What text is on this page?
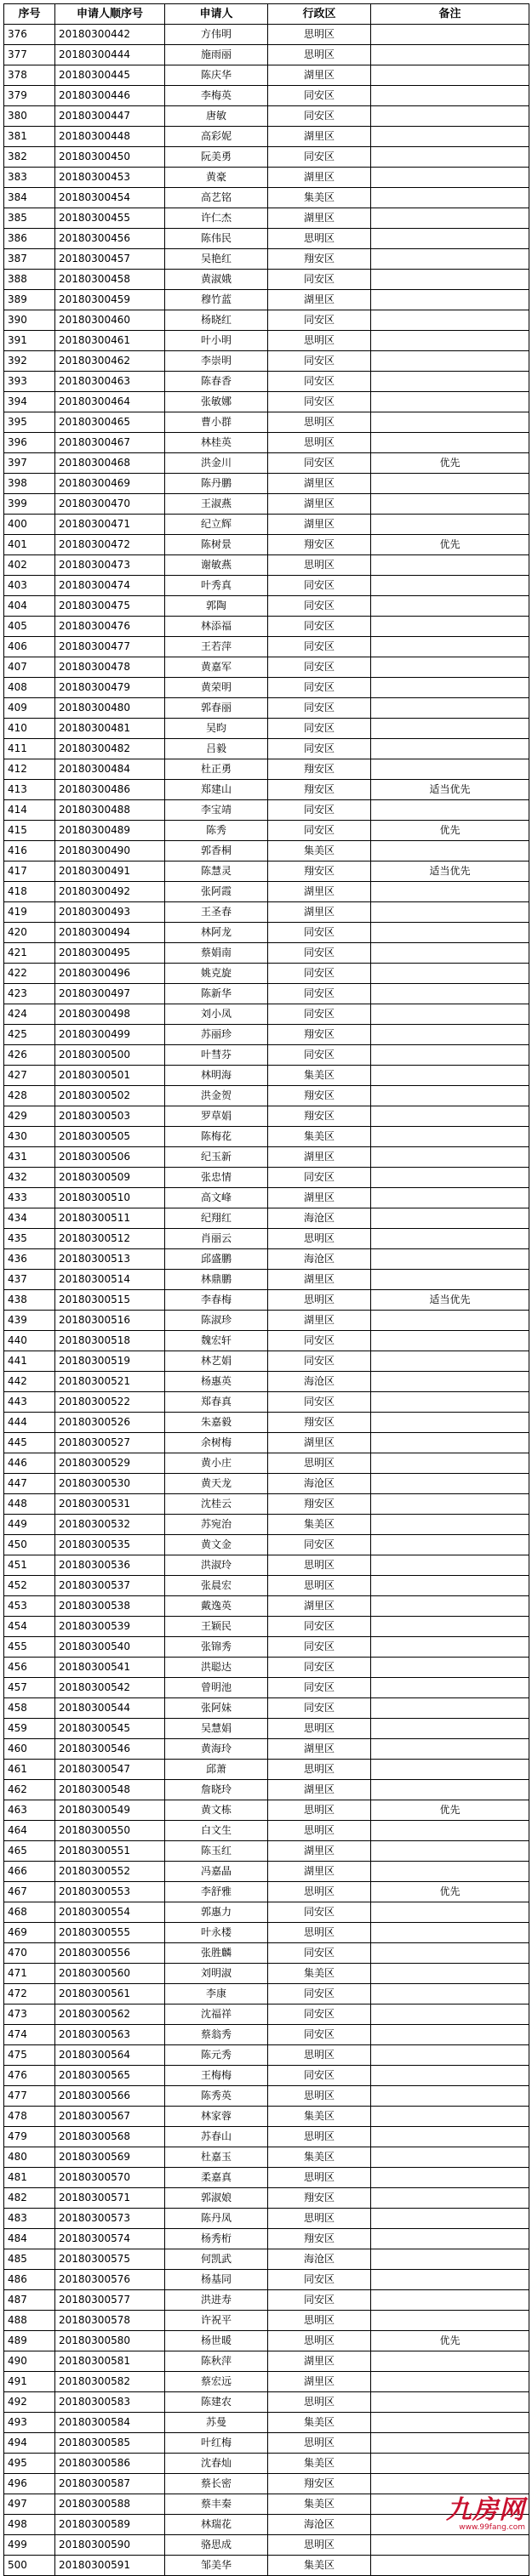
序号	申请人顺序号	申请人	行政区	备注
376	20180300442	方伟明	思明区	
377	20180300444	施雨丽	思明区	
378	20180300445	陈庆华	湖里区	
379	20180300446	李梅英	同安区	
380	20180300447	唐敏	同安区	
381	20180300448	高彩妮	湖里区	
382	20180300450	阮美勇	同安区	
383	20180300453	黄豪	湖里区	
384	20180300454	高艺铭	集美区	
385	20180300455	许仁杰	湖里区	
386	20180300456	陈伟民	思明区	
387	20180300457	吴艳红	翔安区	
388	20180300458	黄淑娥	同安区	
389	20180300459	穆竹蓝	湖里区	
390	20180300460	杨晓红	同安区	
391	20180300461	叶小明	思明区	
392	20180300462	李崇明	同安区	
393	20180300463	陈春香	同安区	
394	20180300464	张敏娜	同安区	
395	20180300465	曹小群	思明区	
396	20180300467	林桂英	思明区	
397	20180300468	洪金川	同安区	优先
398	20180300469	陈丹鹏	湖里区	
399	20180300470	王淑燕	湖里区	
400	20180300471	纪立辉	湖里区	
401	20180300472	陈树景	翔安区	优先
402	20180300473	谢敏燕	思明区	
403	20180300474	叶秀真	同安区	
404	20180300475	郭陶	同安区	
405	20180300476	林添福	同安区	
406	20180300477	王若萍	同安区	
407	20180300478	黄嘉军	同安区	
408	20180300479	黄荣明	同安区	
409	20180300480	郭春丽	同安区	
410	20180300481	吴昀	同安区	
411	20180300482	吕毅	同安区	
412	20180300484	杜正勇	翔安区	
413	20180300486	郑建山	翔安区	适当优先
414	20180300488	李宝靖	同安区	
415	20180300489	陈秀	同安区	优先
416	20180300490	郭香桐	集美区	
417	20180300491	陈慧灵	翔安区	适当优先
418	20180300492	张阿霞	湖里区	
419	20180300493	王圣春	湖里区	
420	20180300494	林阿龙	同安区	
421	20180300495	蔡娟南	同安区	
422	20180300496	姚克旋	同安区	
423	20180300497	陈新华	同安区	
424	20180300498	刘小凤	同安区	
425	20180300499	苏丽珍	翔安区	
426	20180300500	叶彗芬	同安区	
427	20180300501	林明海	集美区	
428	20180300502	洪金贺	翔安区	
429	20180300503	罗草娟	翔安区	
430	20180300505	陈梅花	集美区	
431	20180300506	纪玉新	湖里区	
432	20180300509	张忠情	同安区	
433	20180300510	高文峰	湖里区	
434	20180300511	纪翔红	海沧区	
435	20180300512	肖丽云	思明区	
436	20180300513	邱盛鹏	海沧区	
437	20180300514	林鼎鹏	湖里区	
438	20180300515	李春梅	思明区	适当优先
439	20180300516	陈淑珍	湖里区	
440	20180300518	魏宏轩	同安区	
441	20180300519	林艺娟	同安区	
442	20180300521	杨惠英	海沧区	
443	20180300522	郑春真	同安区	
444	20180300526	朱嘉毅	翔安区	
445	20180300527	余树梅	湖里区	
446	20180300529	黄小庄	思明区	
447	20180300530	黄天龙	海沧区	
448	20180300531	沈桂云	翔安区	
449	20180300532	苏宛治	集美区	
450	20180300535	黄文金	同安区	
451	20180300536	洪淑玲	思明区	
452	20180300537	张晨宏	思明区	
453	20180300538	戴逸英	湖里区	
454	20180300539	王颖民	同安区	
455	20180300540	张锦秀	同安区	
456	20180300541	洪聪达	同安区	
457	20180300542	曾明池	同安区	
458	20180300544	张阿妹	同安区	
459	20180300545	吴慧娟	思明区	
460	20180300546	黄海玲	湖里区	
461	20180300547	邱萧	思明区	
462	20180300548	詹晓玲	湖里区	
463	20180300549	黄文栋	思明区	优先
464	20180300550	白文生	思明区	
465	20180300551	陈玉红	湖里区	
466	20180300552	冯嘉晶	湖里区	
467	20180300553	李舒雅	思明区	优先
468	20180300554	郭惠力	同安区	
469	20180300555	叶永楼	思明区	
470	20180300556	张胜麟	同安区	
471	20180300560	刘明淑	集美区	
472	20180300561	李康	同安区	
473	20180300562	沈福祥	同安区	
474	20180300563	蔡翁秀	同安区	
475	20180300564	陈元秀	思明区	
476	20180300565	王梅梅	同安区	
477	20180300566	陈秀英	思明区	
478	20180300567	林家蓉	集美区	
479	20180300568	苏春山	思明区	
480	20180300569	杜嘉玉	集美区	
481	20180300570	柔嘉真	思明区	
482	20180300571	郭淑娘	翔安区	
483	20180300573	陈丹凤	思明区	
484	20180300574	杨秀桁	翔安区	
485	20180300575	何凯武	海沧区	
486	20180300576	杨基同	同安区	
487	20180300577	洪进寿	同安区	
488	20180300578	许祝平	思明区	
489	20180300580	杨世暖	思明区	优先
490	20180300581	陈秋萍	湖里区	
491	20180300582	蔡宏远	湖里区	
492	20180300583	陈建农	思明区	
493	20180300584	苏曼	集美区	
494	20180300585	叶红梅	思明区	
495	20180300586	沈春灿	集美区	
496	20180300587	蔡长密	翔安区	
497	20180300588	蔡丰秦	集美区	
498	20180300589	林瑞花	海沧区	
499	20180300590	骆思成	思明区	
500	20180300591	邹美华	集美区	
九房网
www.99fang.com
